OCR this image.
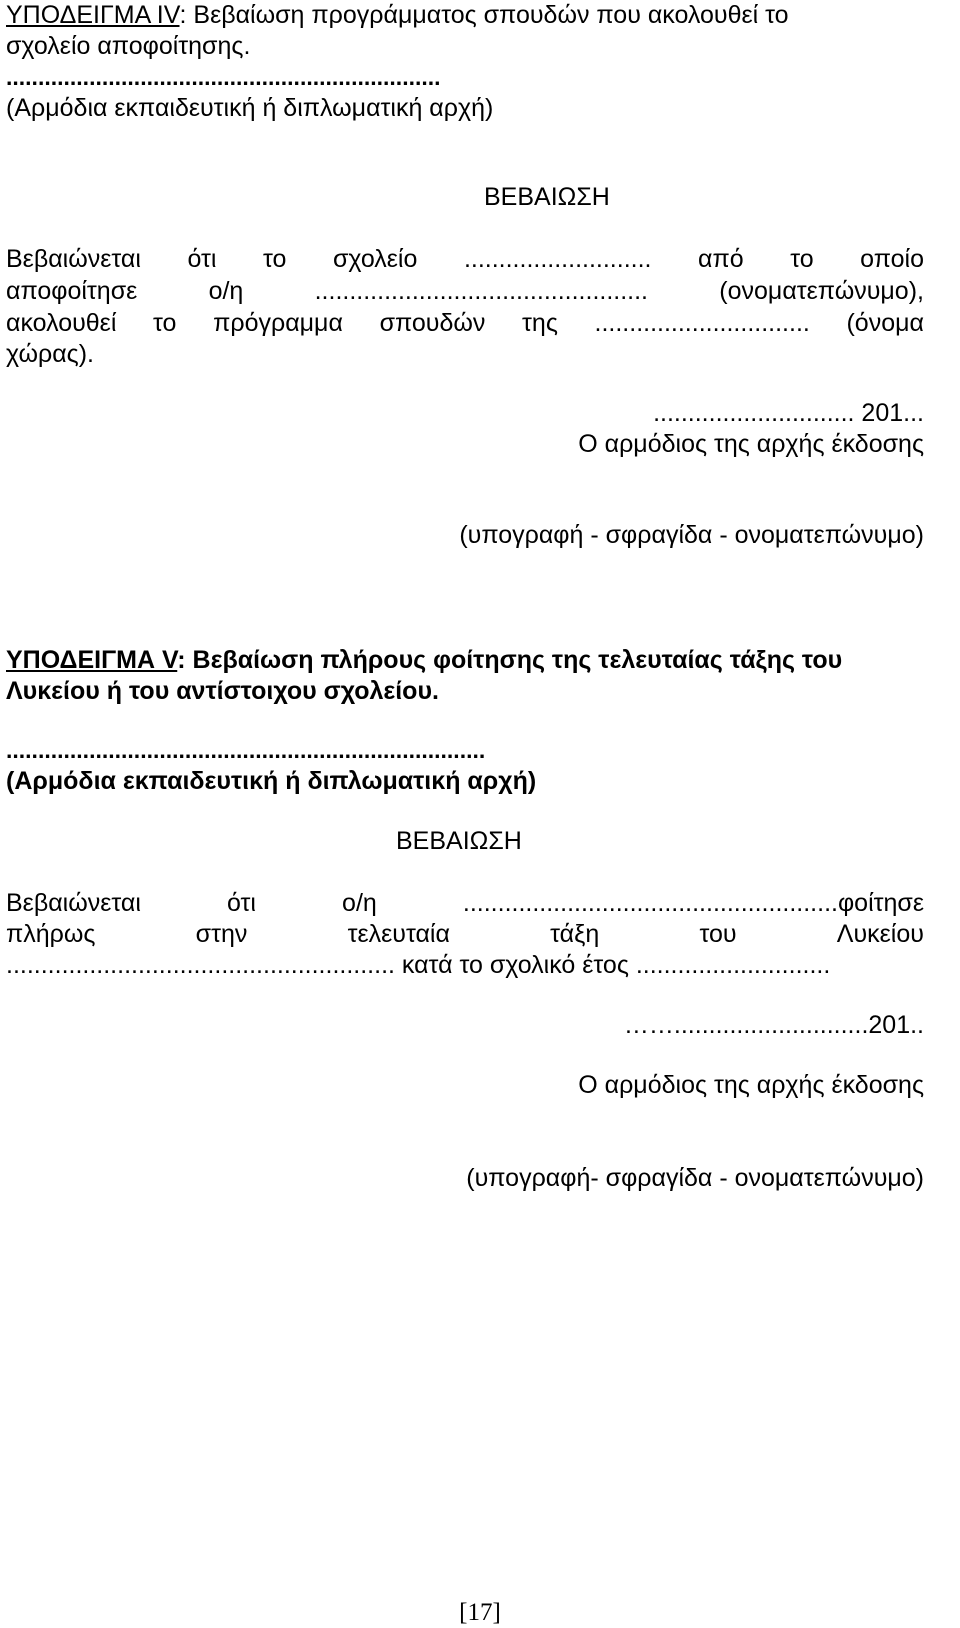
ΥΠΟΔΕΙΓΜΑ IV: Βεβαίωση προγράμματος σπουδών που ακολουθεί το
σχολείο αποφοίτησης.
....................................................................
(Αρμόδια εκπαιδευτική ή διπλωματική αρχή)
ΒΕΒΑΙΩΣΗ
Βεβαιώνεται ότι το σχολείο ........................... από το οποίο
αποφοίτησε	ο/η	................................................	(ονοματεπώνυμο),
ακολουθεί το πρόγραμμα σπουδών της ............................... (όνομα
χώρας).
............................. 201...
Ο αρμόδιος της αρχής έκδοσης
(υπογραφή - σφραγίδα - ονοματεπώνυμο)
ΥΠΟΔΕΙΓΜΑ V: Βεβαίωση πλήρους φοίτησης της τελευταίας τάξης του
Λυκείου ή του αντίστοιχου σχολείου.
...........................................................................
(Αρμόδια εκπαιδευτική ή διπλωματική αρχή)
ΒΕΒΑΙΩΣΗ
Βεβαιώνεται	ότι	ο/η	......................................................φοίτησε
πλήρως	στην	τελευταία	τάξη	του	Λυκείου
........................................................ κατά το σχολικό έτος ............................
……............................201..
Ο αρμόδιος της αρχής έκδοσης
(υπογραφή- σφραγίδα - ονοματεπώνυμο)
[17]
